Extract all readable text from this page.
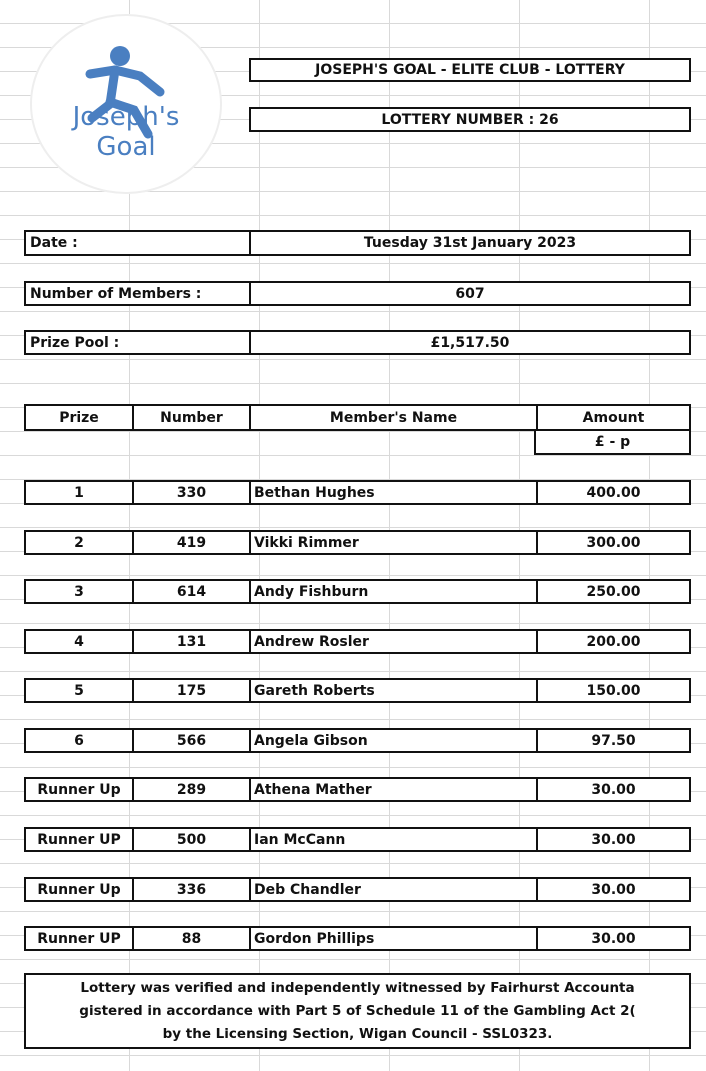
Joseph's
Goal
JOSEPH'S GOAL - ELITE CLUB - LOTTERY
LOTTERY NUMBER : 26
Date :	Tuesday 31st January 2023
Number of Members :	607
Prize Pool :	£1,517.50
Prize	Number	Member's Name	Amount
£ - p
1	330	Bethan Hughes	400.00
2	419	Vikki Rimmer	300.00
3	614	Andy Fishburn	250.00
4	131	Andrew Rosler	200.00
5	175	Gareth Roberts	150.00
6	566	Angela Gibson	97.50
Runner Up	289	Athena Mather	30.00
Runner UP	500	Ian McCann	30.00
Runner Up	336	Deb Chandler	30.00
Runner UP	88	Gordon Phillips	30.00
Lottery was verified and independently witnessed by Fairhurst Accounta
gistered in accordance with Part 5 of Schedule 11 of the Gambling Act 2(
by the Licensing Section, Wigan Council - SSL0323.
